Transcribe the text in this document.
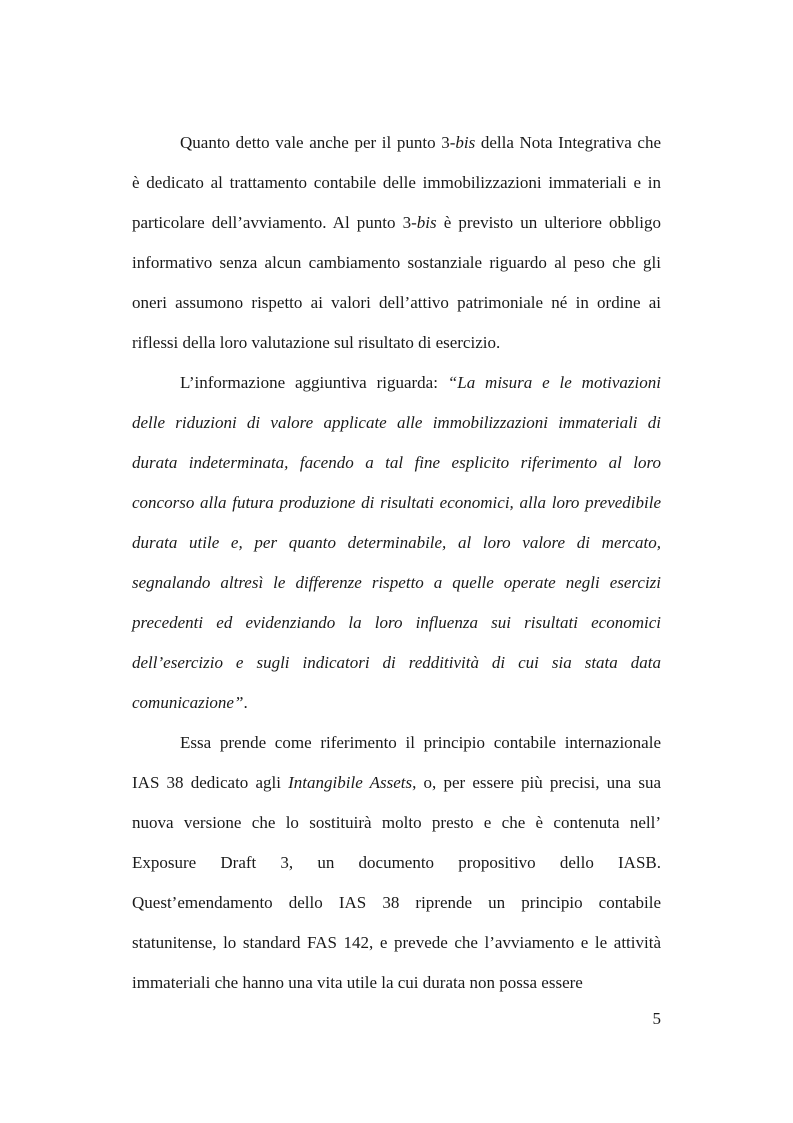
Quanto detto vale anche per il punto 3-bis della Nota Integrativa che
è dedicato al trattamento contabile delle immobilizzazioni immateriali e in
particolare dell’avviamento. Al punto 3-bis è previsto un ulteriore obbligo
informativo senza alcun cambiamento sostanziale riguardo al peso che gli
oneri assumono rispetto ai valori dell’attivo patrimoniale né in ordine ai
riflessi della loro valutazione sul risultato di esercizio.
L’informazione aggiuntiva riguarda: “La misura e le motivazioni
delle riduzioni di valore applicate alle immobilizzazioni immateriali di
durata indeterminata, facendo a tal fine esplicito riferimento al loro
concorso alla futura produzione di risultati economici, alla loro prevedibile
durata utile e, per quanto determinabile, al loro valore di mercato,
segnalando altresì le differenze rispetto a quelle operate negli esercizi
precedenti ed evidenziando la loro influenza sui risultati economici
dell’esercizio e sugli indicatori di redditività di cui sia stata data
comunicazione”.
Essa prende come riferimento il principio contabile internazionale
IAS 38 dedicato agli Intangibile Assets, o, per essere più precisi, una sua
nuova versione che lo sostituirà molto presto e che è contenuta nell’
Exposure Draft 3, un documento propositivo dello IASB.
Quest’emendamento dello IAS 38 riprende un principio contabile
statunitense, lo standard FAS 142, e prevede che l’avviamento e le attività
immateriali che hanno una vita utile la cui durata non possa essere
5
